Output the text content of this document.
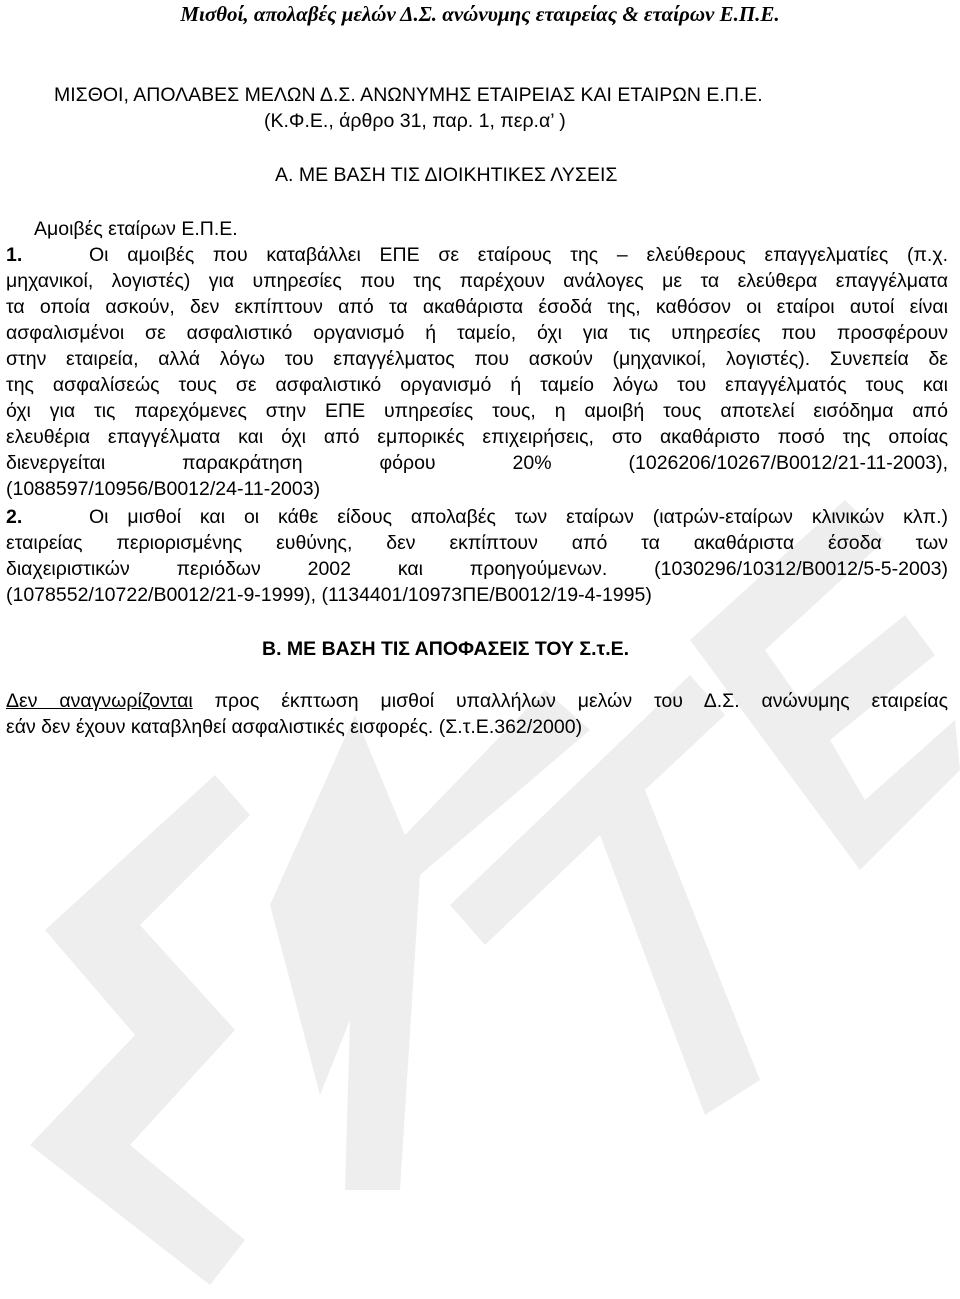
Μισθοί, απολαβές μελών Δ.Σ. ανώνυμης εταιρείας & εταίρων Ε.Π.Ε.
ΜΙΣΘΟΙ, ΑΠΟΛΑΒΕΣ ΜΕΛΩΝ Δ.Σ. ΑΝΩΝΥΜΗΣ ΕΤΑΙΡΕΙΑΣ ΚΑΙ ΕΤΑΙΡΩΝ Ε.Π.Ε.
(Κ.Φ.Ε., άρθρο 31, παρ. 1, περ.α’ )
Α. ΜΕ ΒΑΣΗ ΤΙΣ ΔΙΟΙΚΗΤΙΚΕΣ ΛΥΣΕΙΣ
Αμοιβές εταίρων Ε.Π.Ε.
1.	Οι αμοιβές που καταβάλλει ΕΠΕ σε εταίρους της – ελεύθερους επαγγελματίες (π.χ.
μηχανικοί, λογιστές) για υπηρεσίες που της παρέχουν ανάλογες με τα ελεύθερα επαγγέλματα
τα οποία ασκούν, δεν εκπίπτουν από τα ακαθάριστα έσοδά της, καθόσον οι εταίροι αυτοί είναι
ασφαλισμένοι σε ασφαλιστικό οργανισμό ή ταμείο, όχι για τις υπηρεσίες που προσφέρουν
στην εταιρεία, αλλά λόγω του επαγγέλματος που ασκούν (μηχανικοί, λογιστές). Συνεπεία δε
της ασφαλίσεώς τους σε ασφαλιστικό οργανισμό ή ταμείο λόγω του επαγγέλματός τους και
όχι για τις παρεχόμενες στην ΕΠΕ υπηρεσίες τους, η αμοιβή τους αποτελεί εισόδημα από
ελευθέρια επαγγέλματα και όχι από εμπορικές επιχειρήσεις, στο ακαθάριστο ποσό της οποίας
διενεργείται παρακράτηση φόρου 20% (1026206/10267/Β0012/21-11-2003),
(1088597/10956/Β0012/24-11-2003)
2.	Οι μισθοί και οι κάθε είδους απολαβές των εταίρων (ιατρών-εταίρων κλινικών κλπ.)
εταιρείας περιορισμένης ευθύνης, δεν εκπίπτουν από τα ακαθάριστα έσοδα των
διαχειριστικών περιόδων 2002 και προηγούμενων. (1030296/10312/Β0012/5-5-2003)
(1078552/10722/Β0012/21-9-1999), (1134401/10973ΠΕ/Β0012/19-4-1995)
Β. ΜΕ ΒΑΣΗ ΤΙΣ ΑΠΟΦΑΣΕΙΣ ΤΟΥ Σ.τ.Ε.
Δεν αναγνωρίζονται προς έκπτωση μισθοί υπαλλήλων μελών του Δ.Σ. ανώνυμης εταιρείας
εάν δεν έχουν καταβληθεί ασφαλιστικές εισφορές. (Σ.τ.Ε.362/2000)
